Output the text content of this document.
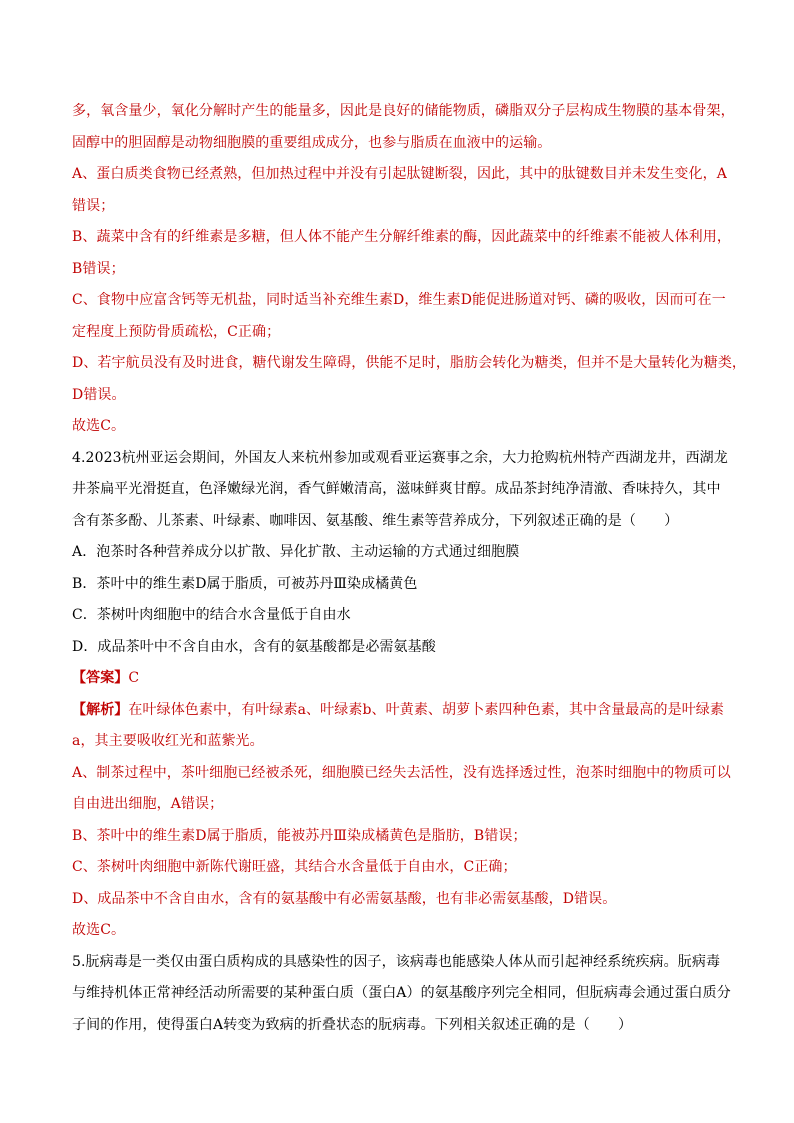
多，氧含量少，氧化分解时产生的能量多，因此是良好的储能物质，磷脂双分子层构成生物膜的基本骨架，
固醇中的胆固醇是动物细胞膜的重要组成成分，也参与脂质在血液中的运输。
A、蛋白质类食物已经煮熟，但加热过程中并没有引起肽键断裂，因此，其中的肽键数目并未发生变化，A
错误；
B、蔬菜中含有的纤维素是多糖，但人体不能产生分解纤维素的酶，因此蔬菜中的纤维素不能被人体利用，
B错误；
C、食物中应富含钙等无机盐，同时适当补充维生素D，维生素D能促进肠道对钙、磷的吸收，因而可在一
定程度上预防骨质疏松，C正确；
D、若宇航员没有及时进食，糖代谢发生障碍，供能不足时，脂肪会转化为糖类，但并不是大量转化为糖类，
D错误。
故选C。
4.2023杭州亚运会期间，外国友人来杭州参加或观看亚运赛事之余，大力抢购杭州特产西湖龙井，西湖龙
井茶扁平光滑挺直，色泽嫩绿光润，香气鲜嫩清高，滋味鲜爽甘醇。成品茶封纯净清澈、香味持久，其中
含有茶多酚、儿茶素、叶绿素、咖啡因、氨基酸、维生素等营养成分，下列叙述正确的是（　　）
A．泡茶时各种营养成分以扩散、异化扩散、主动运输的方式通过细胞膜
B．茶叶中的维生素D属于脂质，可被苏丹Ⅲ染成橘黄色
C．茶树叶肉细胞中的结合水含量低于自由水
D．成品茶叶中不含自由水，含有的氨基酸都是必需氨基酸
【答案】C
【解析】在叶绿体色素中，有叶绿素a、叶绿素b、叶黄素、胡萝卜素四种色素，其中含量最高的是叶绿素
a，其主要吸收红光和蓝紫光。
A、制茶过程中，茶叶细胞已经被杀死，细胞膜已经失去活性，没有选择透过性，泡茶时细胞中的物质可以
自由进出细胞，A错误；
B、茶叶中的维生素D属于脂质，能被苏丹Ⅲ染成橘黄色是脂肪，B错误；
C、茶树叶肉细胞中新陈代谢旺盛，其结合水含量低于自由水，C正确；
D、成品茶中不含自由水，含有的氨基酸中有必需氨基酸，也有非必需氨基酸，D错误。
故选C。
5.朊病毒是一类仅由蛋白质构成的具感染性的因子，该病毒也能感染人体从而引起神经系统疾病。朊病毒
与维持机体正常神经活动所需要的某种蛋白质（蛋白A）的氨基酸序列完全相同，但朊病毒会通过蛋白质分
子间的作用，使得蛋白A转变为致病的折叠状态的朊病毒。下列相关叙述正确的是（　　）
